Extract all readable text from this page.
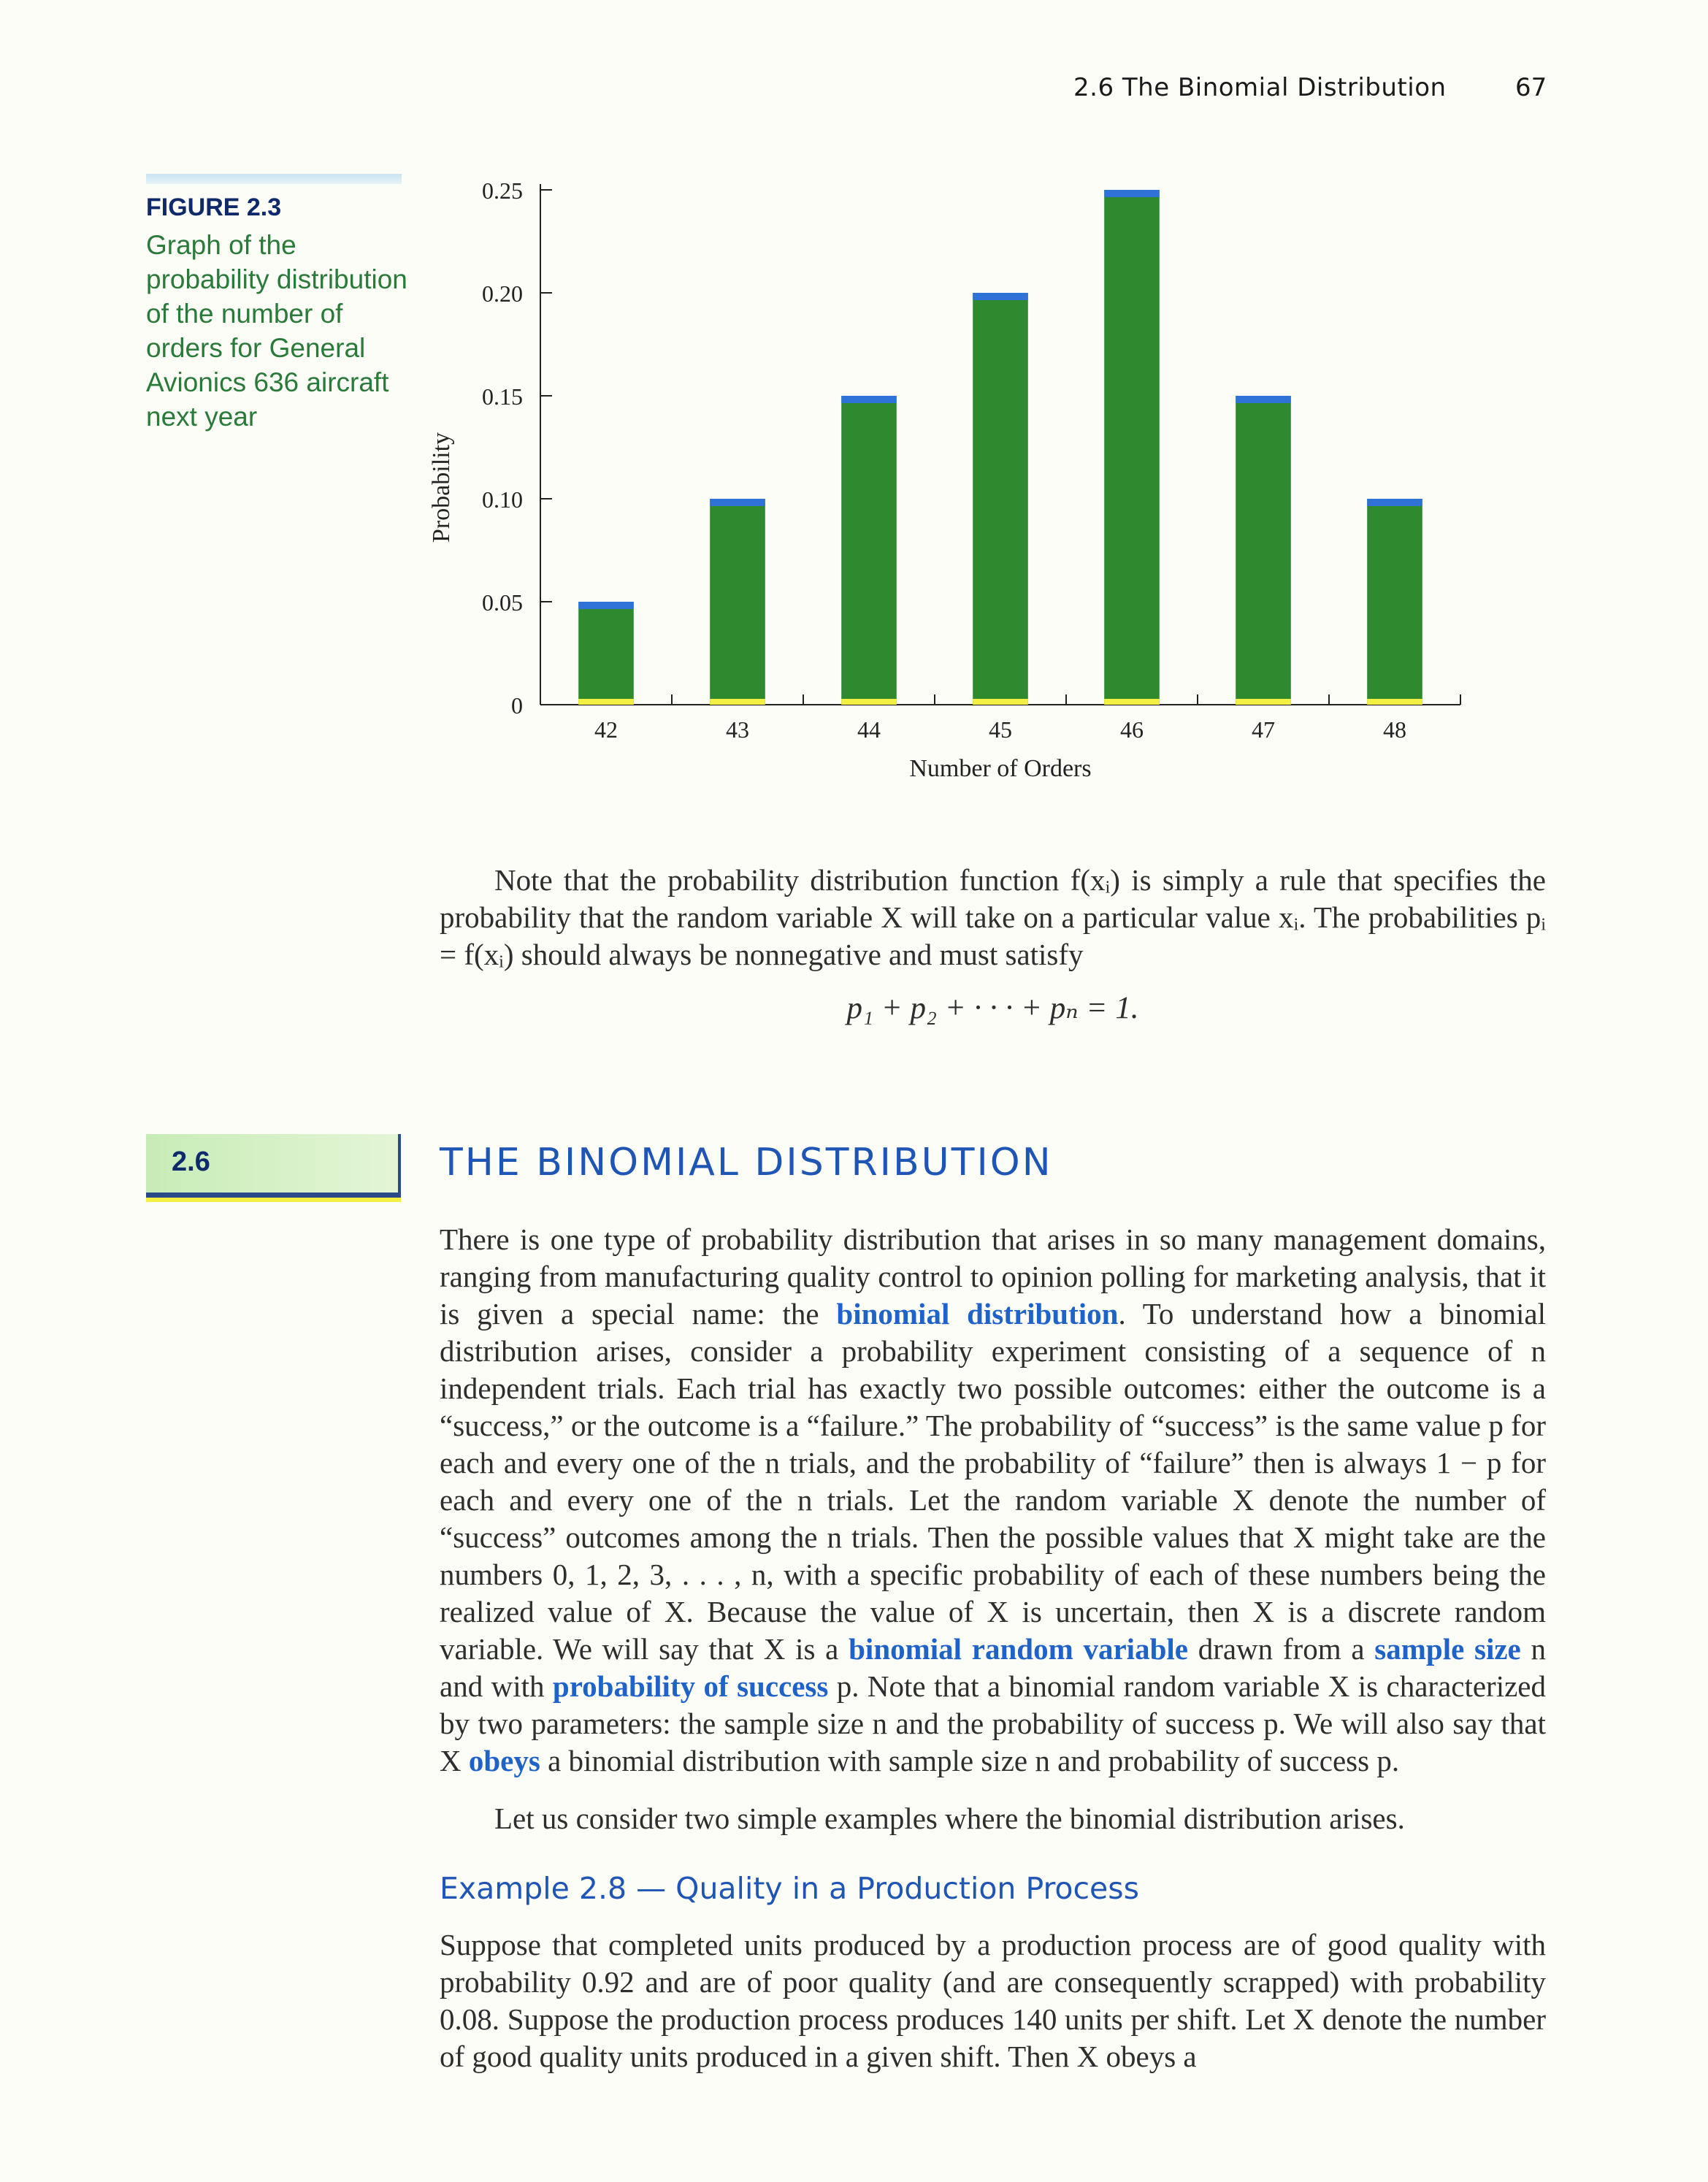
2.6 The Binomial Distribution	67
FIGURE 2.3
Graph of the probability distribution of the number of orders for General Avionics 636 aircraft next year
0
0.05
0.10
0.15
0.20
0.25
42	43	44	45	46	47	48
Number of Orders
Probability
Note that the probability distribution function f(xᵢ) is simply a rule that specifies the probability that the random variable X will take on a particular value xᵢ. The probabilities pᵢ = f(xᵢ) should always be nonnegative and must satisfy
p₁ + p₂ + · · · + pₙ = 1.
2.6	THE BINOMIAL DISTRIBUTION
There is one type of probability distribution that arises in so many management domains, ranging from manufacturing quality control to opinion polling for marketing analysis, that it is given a special name: the binomial distribution. To understand how a binomial distribution arises, consider a probability experiment consisting of a sequence of n independent trials. Each trial has exactly two possible outcomes: either the outcome is a “success,” or the outcome is a “failure.” The probability of “success” is the same value p for each and every one of the n trials, and the probability of “failure” then is always 1 − p for each and every one of the n trials. Let the random variable X denote the number of “success” outcomes among the n trials. Then the possible values that X might take are the numbers 0, 1, 2, 3, . . . , n, with a specific probability of each of these numbers being the realized value of X. Because the value of X is uncertain, then X is a discrete random variable. We will say that X is a binomial random variable drawn from a sample size n and with probability of success p. Note that a binomial random variable X is characterized by two parameters: the sample size n and the probability of success p. We will also say that X obeys a binomial distribution with sample size n and probability of success p.
Let us consider two simple examples where the binomial distribution arises.
Example 2.8 — Quality in a Production Process
Suppose that completed units produced by a production process are of good quality with probability 0.92 and are of poor quality (and are consequently scrapped) with probability 0.08. Suppose the production process produces 140 units per shift. Let X denote the number of good quality units produced in a given shift. Then X obeys a
